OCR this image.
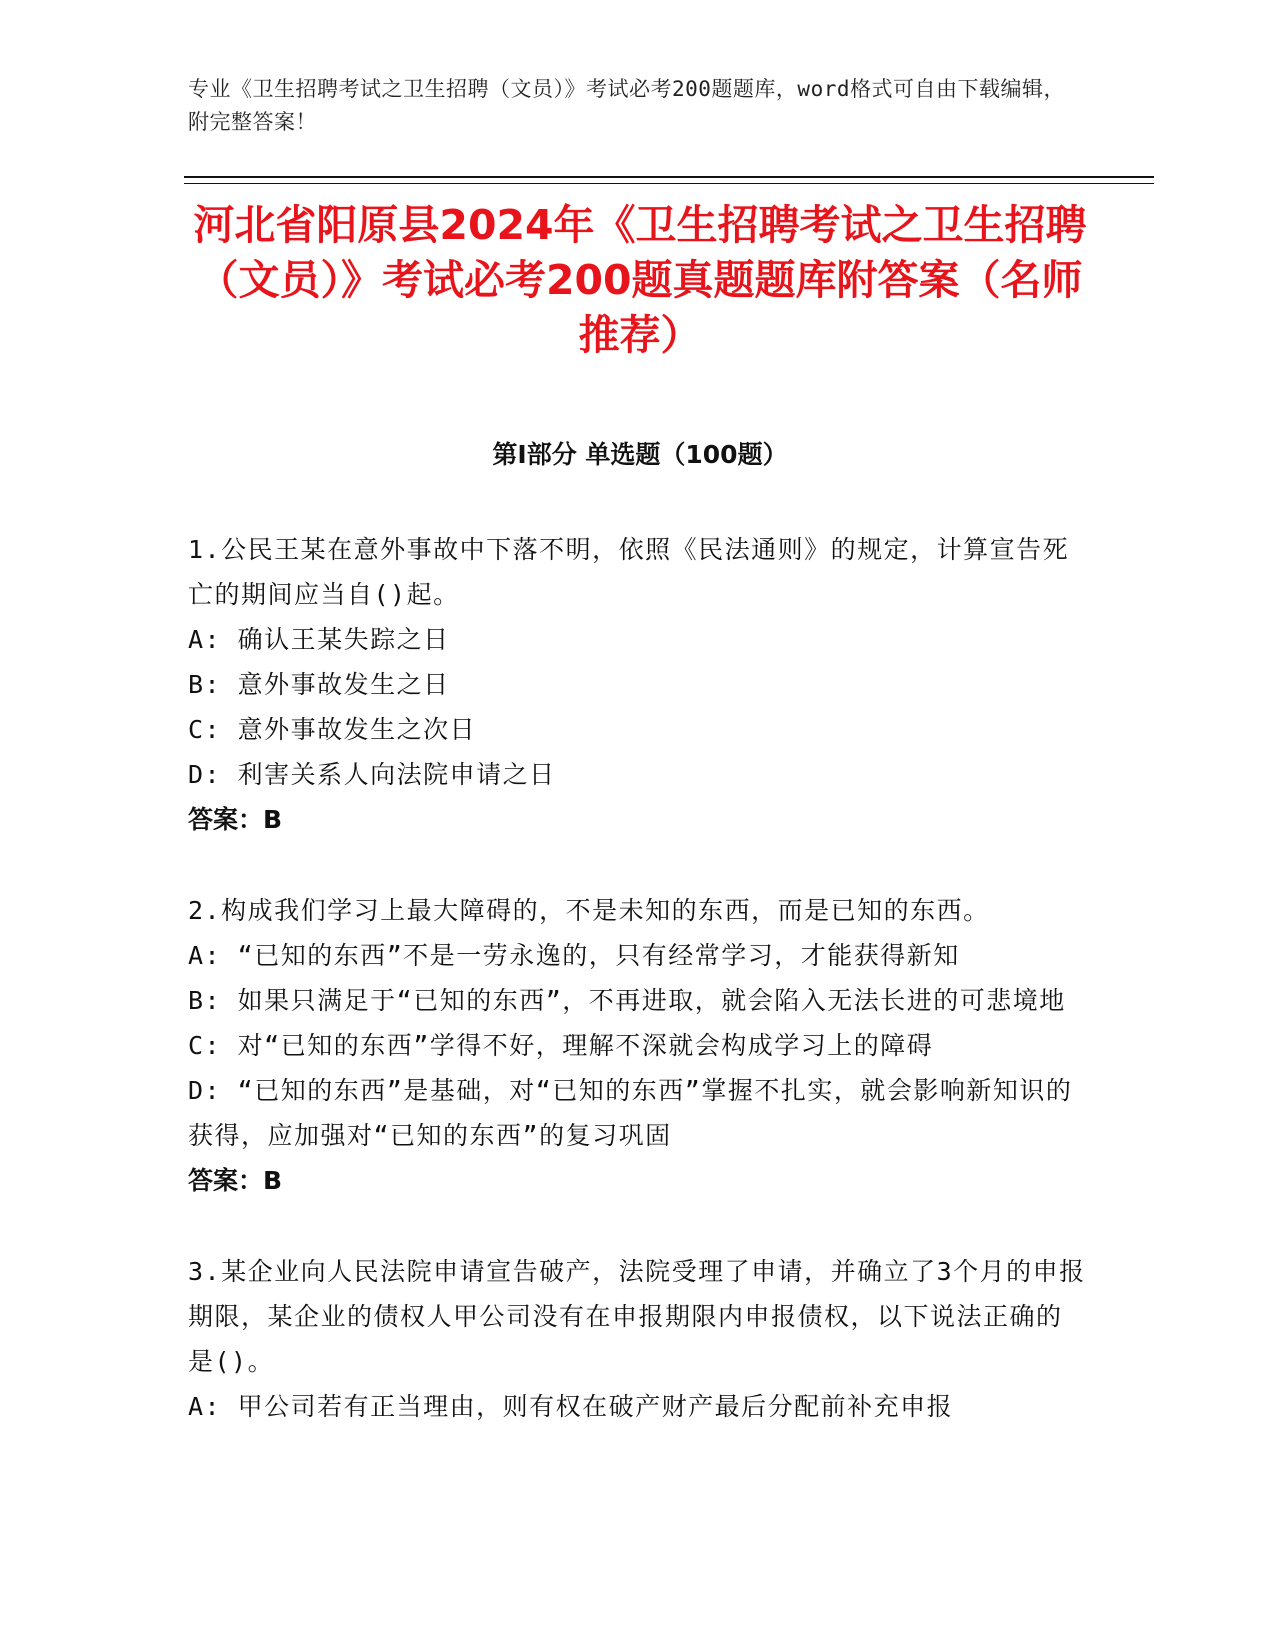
专业《卫生招聘考试之卫生招聘（文员）》考试必考200题题库，word格式可自由下载编辑，附完整答案！
河北省阳原县2024年《卫生招聘考试之卫生招聘（文员）》考试必考200题真题题库附答案（名师推荐）
第Ⅰ部分 单选题（100题）

1.公民王某在意外事故中下落不明，依照《民法通则》的规定，计算宣告死亡的期间应当自()起。

A: 确认王某失踪之日

B: 意外事故发生之日

C: 意外事故发生之次日

D: 利害关系人向法院申请之日

答案：B

2.构成我们学习上最大障碍的，不是未知的东西，而是已知的东西。

A: “已知的东西”不是一劳永逸的，只有经常学习，才能获得新知

B: 如果只满足于“已知的东西”，不再进取，就会陷入无法长进的可悲境地

C: 对“已知的东西”学得不好，理解不深就会构成学习上的障碍

D: “已知的东西”是基础，对“已知的东西”掌握不扎实，就会影响新知识的获得，应加强对“已知的东西”的复习巩固

答案：B

3.某企业向人民法院申请宣告破产，法院受理了申请，并确立了3个月的申报期限，某企业的债权人甲公司没有在申报期限内申报债权，以下说法正确的是()。

A: 甲公司若有正当理由，则有权在破产财产最后分配前补充申报
